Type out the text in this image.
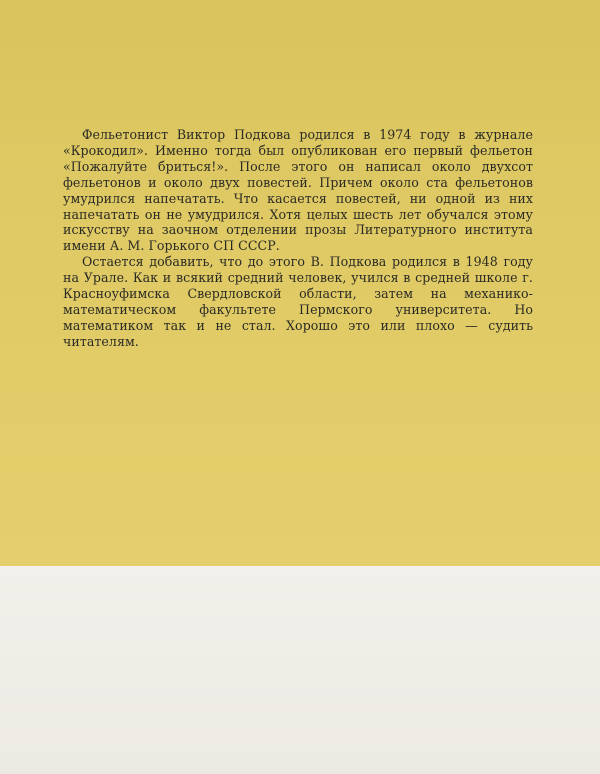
Фельетонист Виктор Подкова родился в 1974 году в журнале «Крокодил». Именно тогда был опубликован его первый фельетон «Пожалуйте бриться!». После этого он написал около двухсот фельетонов и около двух повестей. Причем около ста фельетонов умудрился напечатать. Что касается повестей, ни одной из них напечатать он не умудрился. Хотя целых шесть лет обучался этому искусству на заочном отделении прозы Литературного института имени А. М. Горького СП СССР.

Остается добавить, что до этого В. Подкова родился в 1948 году на Урале. Как и всякий средний человек, учился в средней школе г. Красноуфимска Свердловской области, затем на механико-математическом факультете Пермского университета. Но математиком так и не стал. Хорошо это или плохо — судить читателям.
